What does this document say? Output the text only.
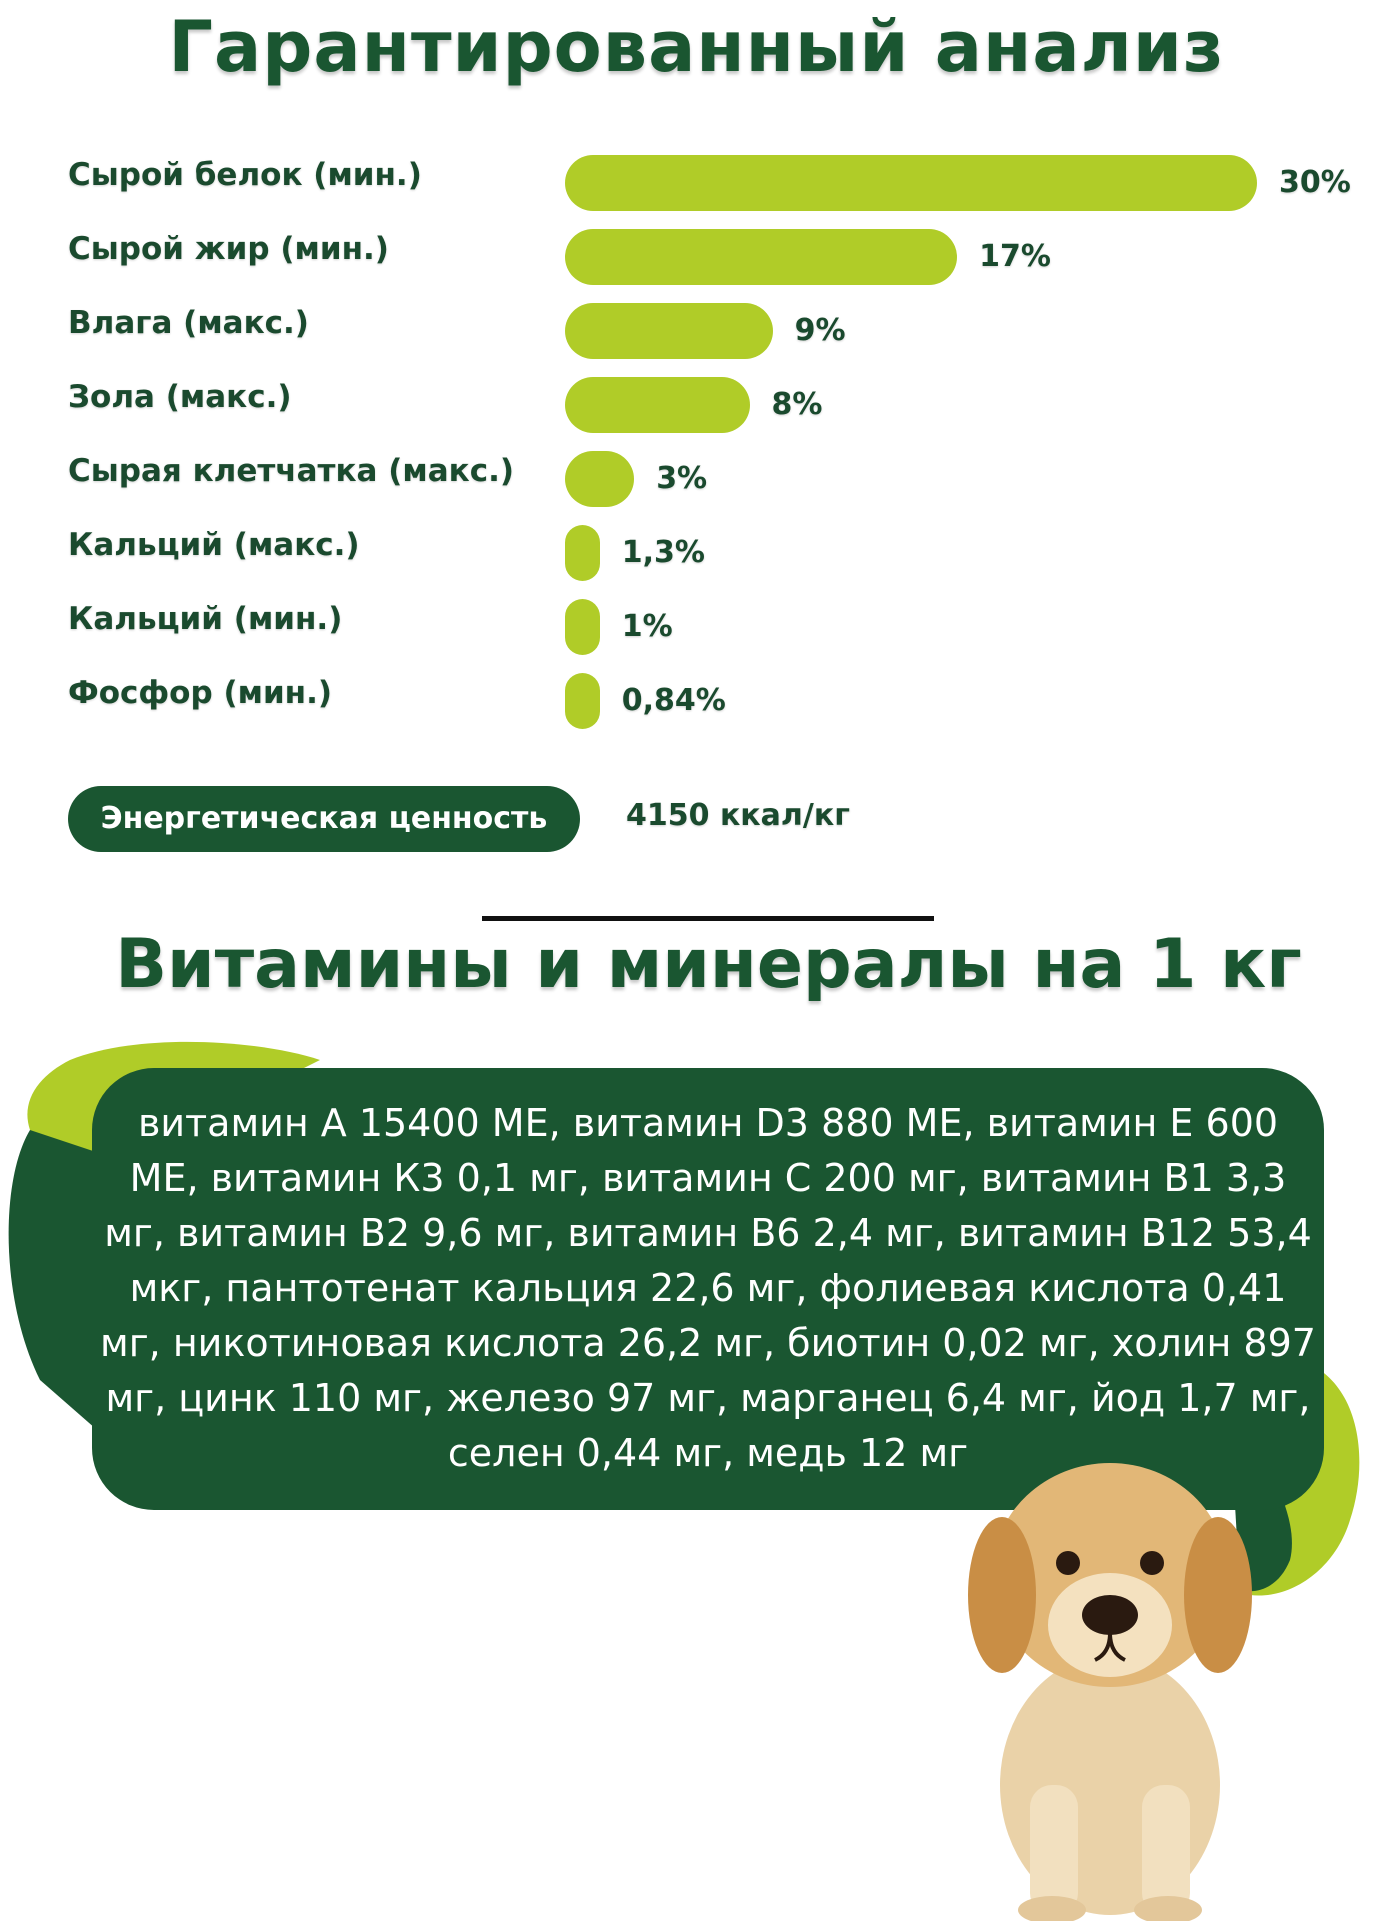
Гарантированный анализ
Сырой белок (мин.)	30%
Сырой жир (мин.)	17%
Влага (макс.)	9%
Зола (макс.)	8%
Сырая клетчатка (макс.)	3%
Кальций (макс.)	1,3%
Кальций (мин.)	1%
Фосфор (мин.)	0,84%
Энергетическая ценность	4150 ккал/кг
Витамины и минералы на 1 кг

витамин А 15400 МЕ, витамин D3 880 МЕ, витамин Е 600 МЕ, витамин К3 0,1 мг, витамин С 200 мг, витамин В1 3,3 мг, витамин В2 9,6 мг, витамин В6 2,4 мг, витамин В12 53,4 мкг, пантотенат кальция 22,6 мг, фолиевая кислота 0,41 мг, никотиновая кислота 26,2 мг, биотин 0,02 мг, холин 897 мг, цинк 110 мг, железо 97 мг, марганец 6,4 мг, йод 1,7 мг, селен 0,44 мг, медь 12 мг
